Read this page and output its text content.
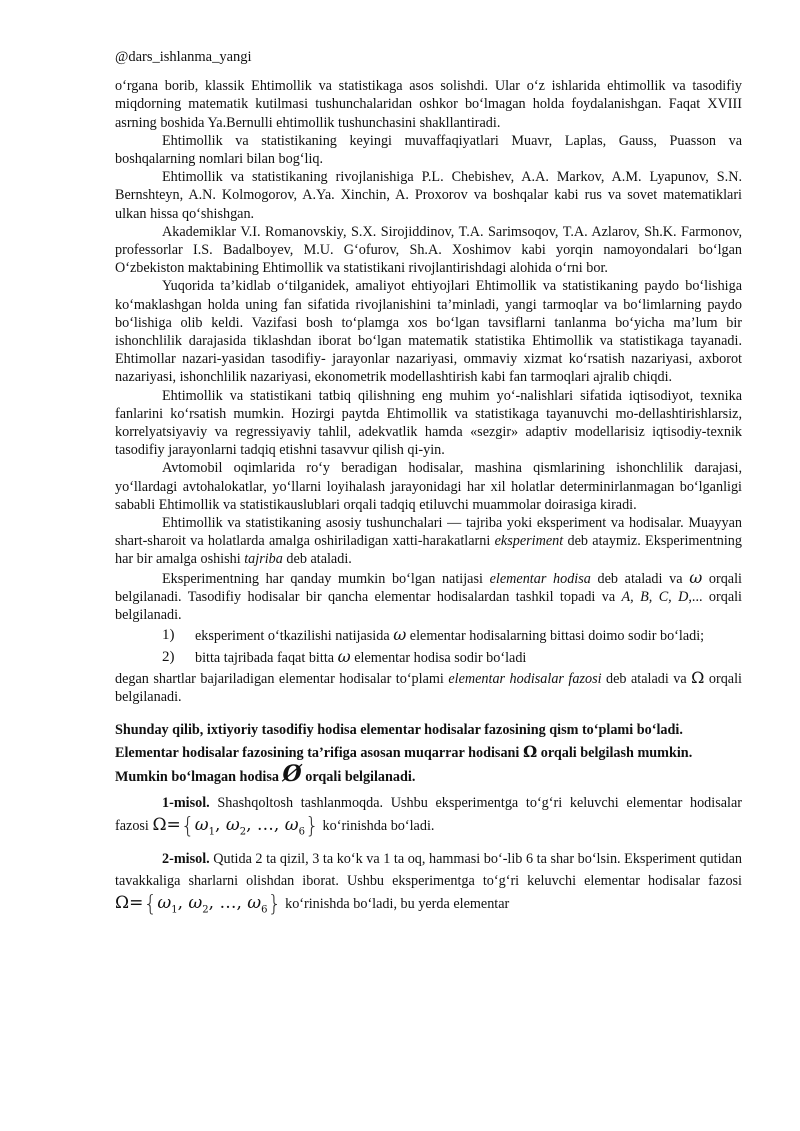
@dars_ishlanma_yangi

o‘rgana borib, klassik Ehtimollik va statistikaga asos solishdi. Ular o‘z ishlarida ehtimollik va tasodifiy miqdorning matematik kutilmasi tushunchalaridan oshkor bo‘lmagan holda foydalanishgan. Faqat XVIII asrning boshida Ya.Bernulli ehtimollik tushunchasini shakllantiradi.

Ehtimollik va statistikaning keyingi muvaffaqiyatlari Muavr, Laplas, Gauss, Puasson va boshqalarning nomlari bilan bog‘liq.

Ehtimollik va statistikaning rivojlanishiga P.L. Chebishev, A.A. Markov, A.M. Lyapunov, S.N. Bernshteyn, A.N. Kolmogorov, A.Ya. Xinchin, A. Proxorov va boshqalar kabi rus va sovet matematiklari ulkan hissa qo‘shishgan.

Akademiklar V.I. Romanovskiy, S.X. Sirojiddinov, T.A. Sarimsoqov, T.A. Azlarov, Sh.K. Farmonov, professorlar I.S. Badalboyev, M.U. G‘ofurov, Sh.A. Xoshimov kabi yorqin namoyondalari bo‘lgan O‘zbekiston maktabining Ehtimollik va statistikani rivojlantirishdagi alohida o‘rni bor.

Yuqorida ta’kidlab o‘tilganidek, amaliyot ehtiyojlari Ehtimollik va statistikaning paydo bo‘lishiga ko‘maklashgan holda uning fan sifatida rivojlanishini ta’minladi, yangi tarmoqlar va bo‘limlarning paydo bo‘lishiga olib keldi. Vazifasi bosh to‘plamga xos bo‘lgan tavsiflarni tanlanma bo‘yicha ma’lum bir ishonchlilik darajasida tiklashdan iborat bo‘lgan matematik statistika Ehtimollik va statistikaga tayanadi. Ehtimollar nazari-yasidan tasodifiy- jarayonlar nazariyasi, ommaviy xizmat ko‘rsatish nazariyasi, axborot nazariyasi, ishonchlilik nazariyasi, ekonometrik modellashtirish kabi fan tarmoqlari ajralib chiqdi.

Ehtimollik va statistikani tatbiq qilishning eng muhim yo‘-nalishlari sifatida iqtisodiyot, texnika fanlarini ko‘rsatish mumkin. Hozirgi paytda Ehtimollik va statistikaga tayanuvchi mo-dellashtirishlarsiz, korrelyatsiyaviy va regressiyaviy tahlil, adekvatlik hamda «sezgir» adaptiv modellarisiz iqtisodiy-texnik tasodifiy jarayonlarni tadqiq etishni tasavvur qilish qi-yin.

Avtomobil oqimlarida ro‘y beradigan hodisalar, mashina qismlarining ishonchlilik darajasi, yo‘llardagi avtohalokatlar, yo‘llarni loyihalash jarayonidagi har xil holatlar determinirlanmagan bo‘lganligi sababli Ehtimollik va statistikauslublari orqali tadqiq etiluvchi muammolar doirasiga kiradi.

Ehtimollik va statistikaning asosiy tushunchalari — tajriba yoki eksperiment va hodisalar. Muayyan shart-sharoit va holatlarda amalga oshiriladigan xatti-harakatlarni eksperiment deb ataymiz. Eksperimentning har bir amalga oshishi tajriba deb ataladi.

Eksperimentning har qanday mumkin bo‘lgan natijasi elementar hodisa deb ataladi va ω orqali belgilanadi. Tasodifiy hodisalar bir qancha elementar hodisalardan tashkil topadi va A, B, C, D,... orqali belgilanadi.

1)	eksperiment o‘tkazilishi natijasida ω elementar hodisalarning bittasi doimo sodir bo‘ladi;
2)	bitta tajribada faqat bitta ω elementar hodisa sodir bo‘ladi

degan shartlar bajariladigan elementar hodisalar to‘plami elementar hodisalar fazosi deb ataladi va Ω orqali belgilanadi.

Shunday qilib, ixtiyoriy tasodifiy hodisa elementar hodisalar fazosining qism to‘plami bo‘ladi. Elementar hodisalar fazosining ta’rifiga asosan muqarrar hodisani Ω orqali belgilash mumkin. Mumkin bo‘lmagan hodisa Ø orqali belgilanadi.

1-misol. Shashqoltosh tashlanmoqda. Ushbu eksperimentga to‘g‘ri keluvchi elementar hodisalar fazosi $\Omega=\{\omega_1$, $\omega_2$, …, $\omega_6$} ko‘rinishda bo‘ladi.

2-misol. Qutida 2 ta qizil, 3 ta ko‘k va 1 ta oq, hammasi bo‘-lib 6 ta shar bo‘lsin. Eksperiment qutidan tavakkaliga sharlarni olishdan iborat. Ushbu eksperimentga to‘g‘ri keluvchi elementar hodisalar fazosi $\Omega=\{\omega_1$, $\omega_2$, …, $\omega_6$} ko‘rinishda bo‘ladi, bu yerda elementar
